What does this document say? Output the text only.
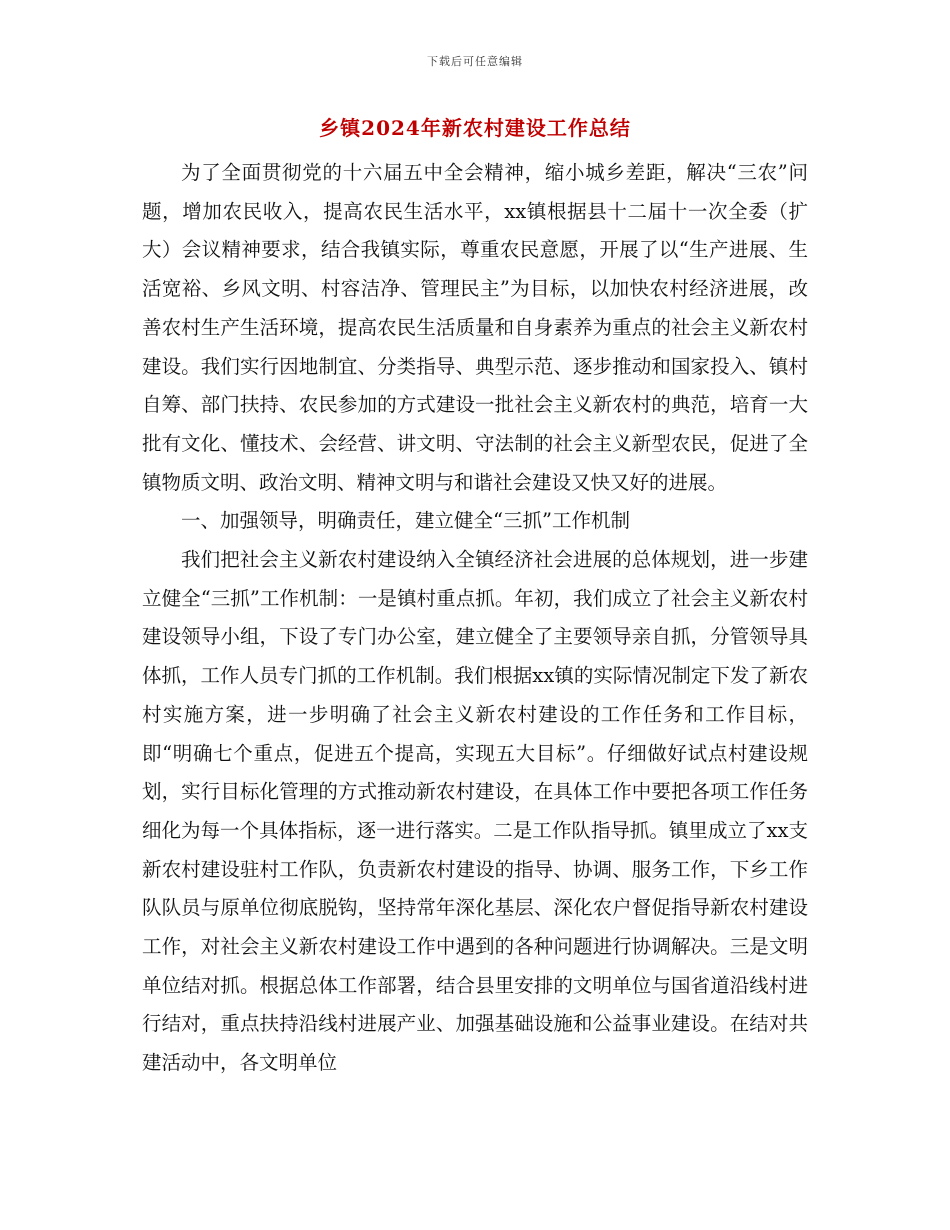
下载后可任意编辑
乡镇2024年新农村建设工作总结

为了全面贯彻党的十六届五中全会精神，缩小城乡差距，解决“三农”问题，增加农民收入，提高农民生活水平，xx镇根据县十二届十一次全委（扩大）会议精神要求，结合我镇实际，尊重农民意愿，开展了以“生产进展、生活宽裕、乡风文明、村容洁净、管理民主”为目标，以加快农村经济进展，改善农村生产生活环境，提高农民生活质量和自身素养为重点的社会主义新农村建设。我们实行因地制宜、分类指导、典型示范、逐步推动和国家投入、镇村自筹、部门扶持、农民参加的方式建设一批社会主义新农村的典范，培育一大批有文化、懂技术、会经营、讲文明、守法制的社会主义新型农民，促进了全镇物质文明、政治文明、精神文明与和谐社会建设又快又好的进展。

一、加强领导，明确责任，建立健全“三抓”工作机制

我们把社会主义新农村建设纳入全镇经济社会进展的总体规划，进一步建立健全“三抓”工作机制：一是镇村重点抓。年初，我们成立了社会主义新农村建设领导小组，下设了专门办公室，建立健全了主要领导亲自抓，分管领导具体抓，工作人员专门抓的工作机制。我们根据xx镇的实际情况制定下发了新农村实施方案，进一步明确了社会主义新农村建设的工作任务和工作目标，即“明确七个重点，促进五个提高，实现五大目标”。仔细做好试点村建设规划，实行目标化管理的方式推动新农村建设，在具体工作中要把各项工作任务细化为每一个具体指标，逐一进行落实。二是工作队指导抓。镇里成立了xx支新农村建设驻村工作队，负责新农村建设的指导、协调、服务工作，下乡工作队队员与原单位彻底脱钩，坚持常年深化基层、深化农户督促指导新农村建设工作，对社会主义新农村建设工作中遇到的各种问题进行协调解决。三是文明单位结对抓。根据总体工作部署，结合县里安排的文明单位与国省道沿线村进行结对，重点扶持沿线村进展产业、加强基础设施和公益事业建设。在结对共建活动中，各文明单位
